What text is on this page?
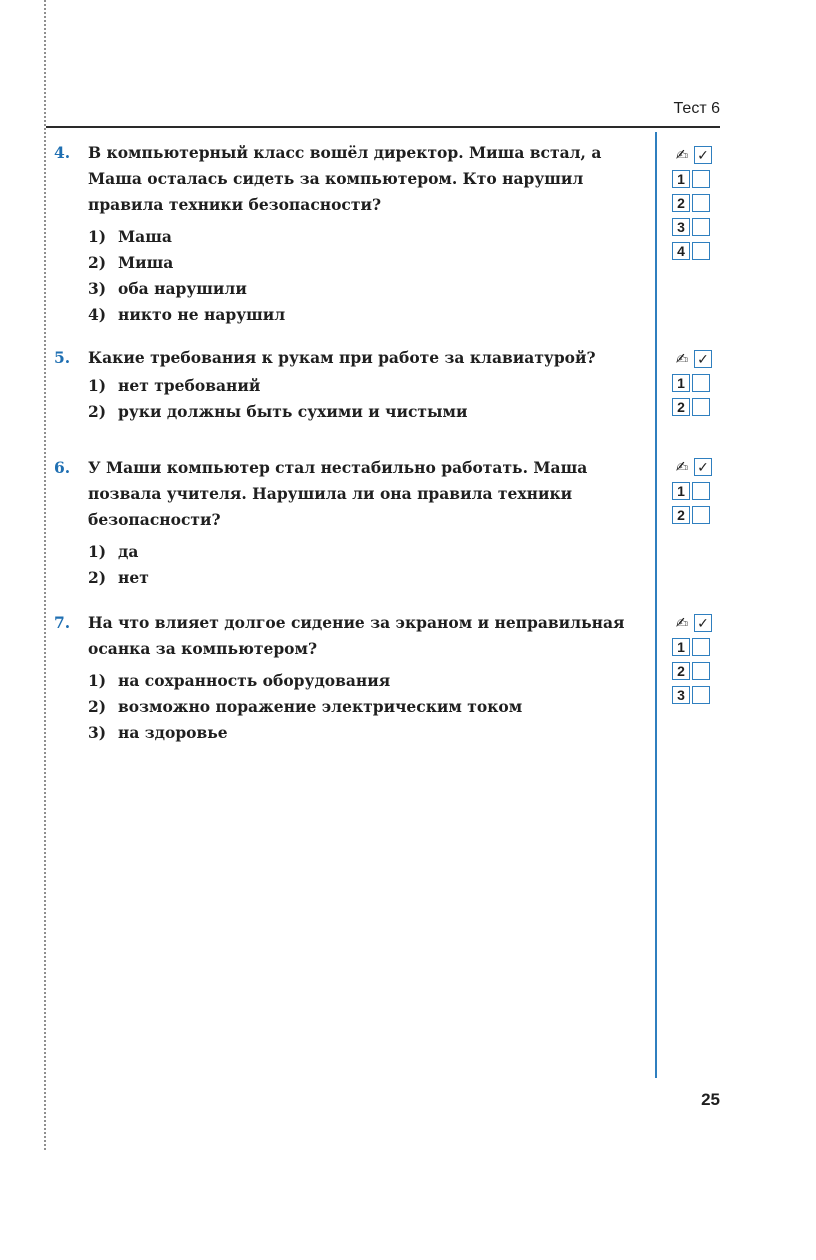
Тест 6
4. В компьютерный класс вошёл директор. Миша встал, а Маша осталась сидеть за компьютером. Кто нарушил правила техники безопасности?
1) Маша
2) Миша
3) оба нарушили
4) никто не нарушил
✍ ✓
1
2
3
4
5. Какие требования к рукам при работе за клавиатурой?
1) нет требований
2) руки должны быть сухими и чистыми
✍ ✓
1
2
6. У Маши компьютер стал нестабильно работать. Маша позвала учителя. Нарушила ли она правила техники безопасности?
1) да
2) нет
✍ ✓
1
2
7. На что влияет долгое сидение за экраном и неправильная осанка за компьютером?
1) на сохранность оборудования
2) возможно поражение электрическим током
3) на здоровье
✍ ✓
1
2
3
25
